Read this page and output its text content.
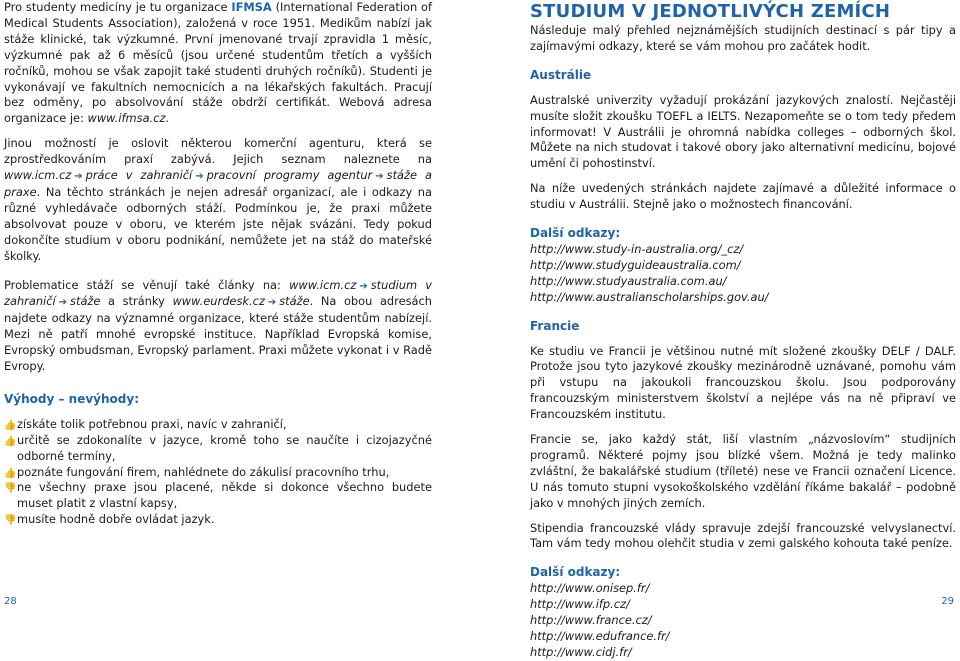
Pro studenty medicíny je tu organizace IFMSA (International Federation of Medical Students Association), založená v roce 1951. Medikům nabízí jak stáže klinické, tak výzkumné. První jmenované trvají zpravidla 1 měsíc, výzkumné pak až 6 měsíců (jsou určené studentům třetích a vyšších ročníků, mohou se však zapojit také studenti druhých ročníků). Studenti je vykonávají ve fakultních nemocnicích a na lékařských fakultách. Pracují bez odměny, po absolvování stáže obdrží certifikát. Webová adresa organizace je: www.ifmsa.cz.

Jinou možností je oslovit některou komerční agenturu, která se zprostředkováním praxí zabývá. Jejich seznam naleznete na www.icm.cz ➔ práce v zahraničí ➔ pracovní programy agentur ➔ stáže a praxe. Na těchto stránkách je nejen adresář organizací, ale i odkazy na různé vyhledávače odborných stáží. Podmínkou je, že praxi můžete absolvovat pouze v oboru, ve kterém jste nějak svázáni. Tedy pokud dokončíte studium v oboru podnikání, nemůžete jet na stáž do mateřské školky.

Problematice stáží se věnují také články na: www.icm.cz ➔ studium v zahraničí ➔ stáže a stránky www.eurdesk.cz ➔ stáže. Na obou adresách najdete odkazy na významné organizace, které stáže studentům nabízejí. Mezi ně patří mnohé evropské instituce. Například Evropská komise, Evropský ombudsman, Evropský parlament. Praxi můžete vykonat i v Radě Evropy.

Výhody – nevýhody:

👍 získáte tolik potřebnou praxi, navíc v zahraničí,
👍 určitě se zdokonalíte v jazyce, kromě toho se naučíte i cizojazyčné odborné termíny,
👍 poznáte fungování firem, nahlédnete do zákulisí pracovního trhu,
👎 ne všechny praxe jsou placené, někde si dokonce všechno budete muset platit z vlastní kapsy,
👎 musíte hodně dobře ovládat jazyk.
STUDIUM V JEDNOTLIVÝCH ZEMÍCH

Následuje malý přehled nejznámějších studijních destinací s pár tipy a zajímavými odkazy, které se vám mohou pro začátek hodit.

Austrálie

Australské univerzity vyžadují prokázání jazykových znalostí. Nejčastěji musíte složit zkoušku TOEFL a IELTS. Nezapomeňte se o tom tedy předem informovat! V Austrálii je ohromná nabídka colleges – odborných škol. Můžete na nich studovat i takové obory jako alternativní medicínu, bojové umění či pohostinství.

Na níže uvedených stránkách najdete zajímavé a důležité informace o studiu v Austrálii. Stejně jako o možnostech financování.

Další odkazy:

http://www.study-in-australia.org/_cz/

http://www.studyguideaustralia.com/

http://www.studyaustralia.com.au/

http://www.australianscholarships.gov.au/

Francie

Ke studiu ve Francii je většinou nutné mít složené zkoušky DELF / DALF. Protože jsou tyto jazykové zkoušky mezinárodně uznávané, pomohu vám při vstupu na jakoukoli francouzskou školu. Jsou podporovány francouzským ministerstvem školství a nejlépe vás na ně připraví ve Francouzském institutu.

Francie se, jako každý stát, liší vlastním „názvoslovím“ studijních programů. Některé pojmy jsou blízké všem. Možná je tedy malinko zvláštní, že bakalářské studium (tříleté) nese ve Francii označení Licence. U nás tomuto stupni vysokoškolského vzdělání říkáme bakalář – podobně jako v mnohých jiných zemích.

Stipendia francouzské vlády spravuje zdejší francouzské velvyslanectví. Tam vám tedy mohou olehčit studia v zemi galského kohouta také peníze.

Další odkazy:

http://www.onisep.fr/

http://www.ifp.cz/

http://www.france.cz/

http://www.edufrance.fr/

http://www.cidj.fr/

28	29
